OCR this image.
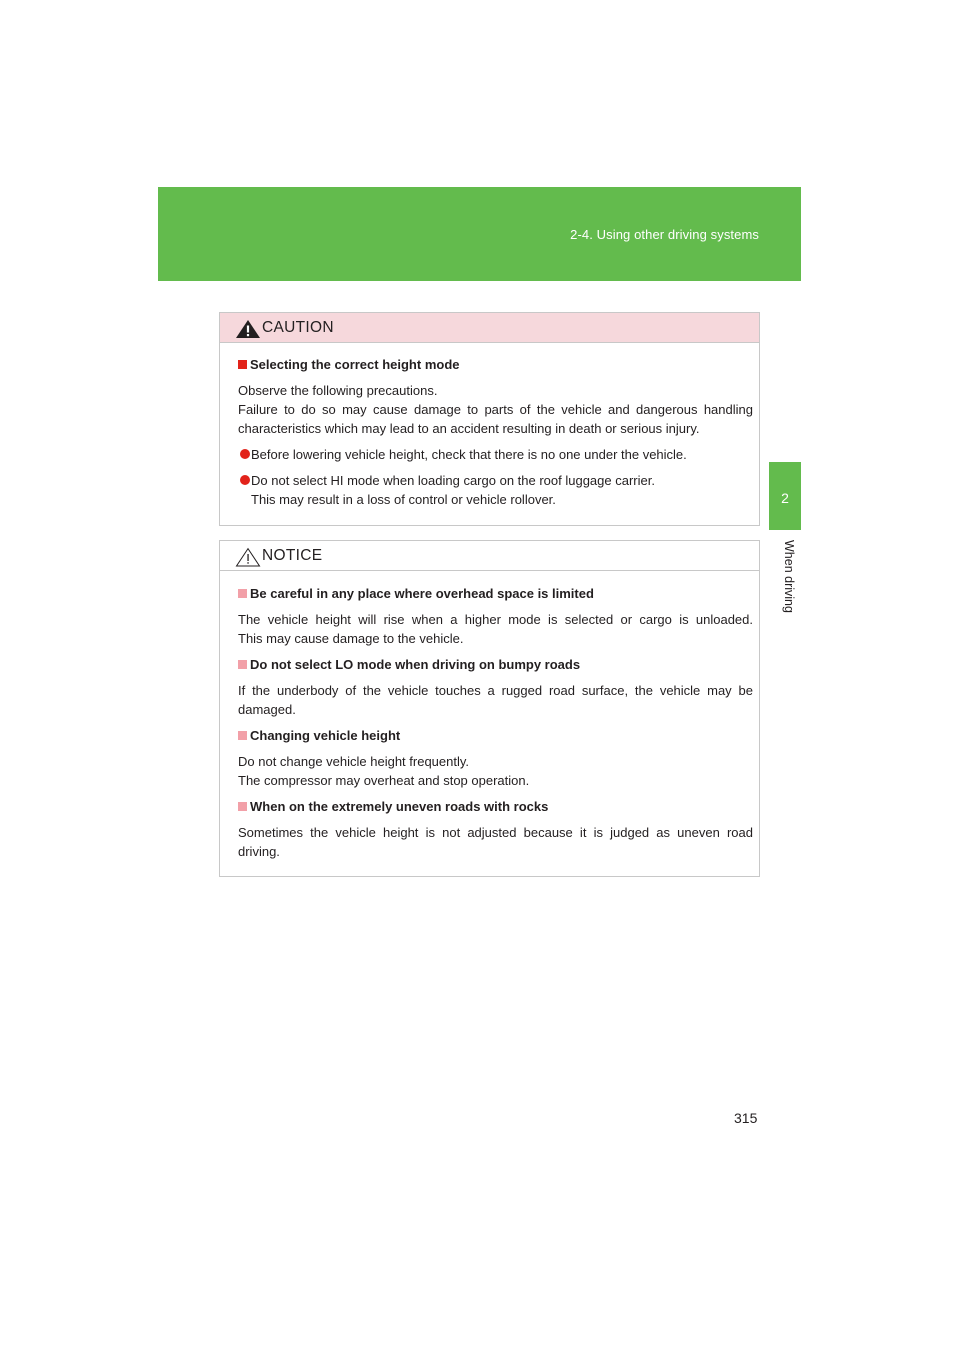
2-4. Using other driving systems
2
When driving
CAUTION
Selecting the correct height mode
Observe the following precautions.
Failure to do so may cause damage to parts of the vehicle and dangerous handling
characteristics which may lead to an accident resulting in death or serious injury.
Before lowering vehicle height, check that there is no one under the vehicle.
Do not select HI mode when loading cargo on the roof luggage carrier.
This may result in a loss of control or vehicle rollover.
NOTICE
Be careful in any place where overhead space is limited
The vehicle height will rise when a higher mode is selected or cargo is unloaded.
This may cause damage to the vehicle.
Do not select LO mode when driving on bumpy roads
If the underbody of the vehicle touches a rugged road surface, the vehicle may be
damaged.
Changing vehicle height
Do not change vehicle height frequently.
The compressor may overheat and stop operation.
When on the extremely uneven roads with rocks
Sometimes the vehicle height is not adjusted because it is judged as uneven road
driving.
315
